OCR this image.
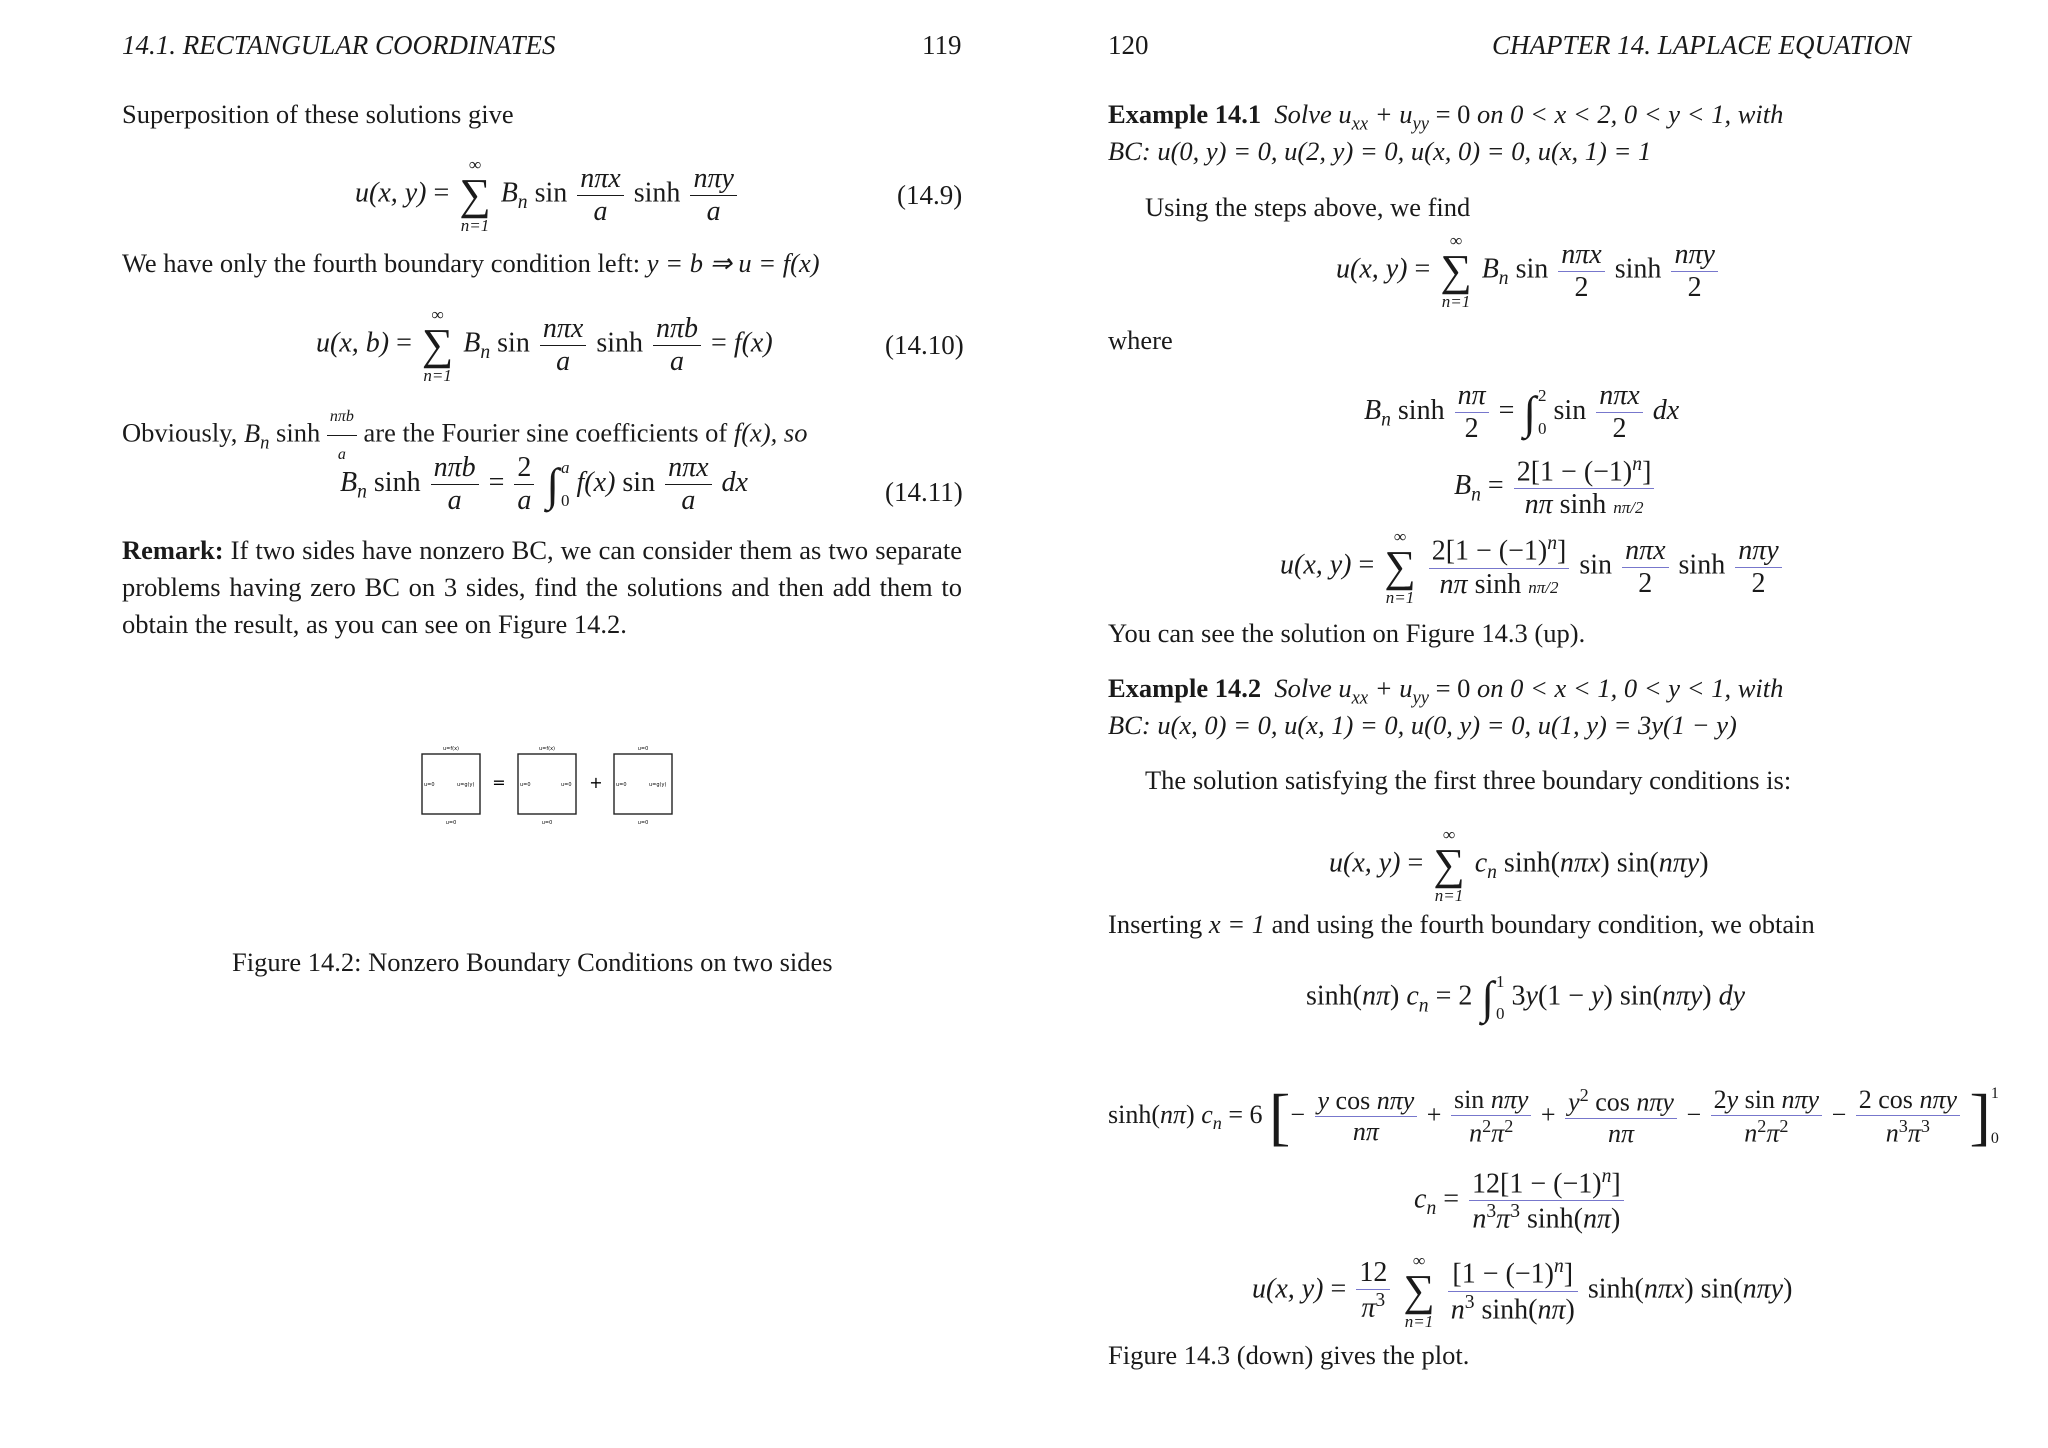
14.1. RECTANGULAR COORDINATES	119
Superposition of these solutions give
u(x, y) =
∞
∑
n=1
$B_n$ $\sin \frac{\text{nπx}}{a}$ $\sinh \frac{\text{nπy}}{a}$	(14.9)
We have only the fourth boundary condition left: y = b ⇒ u = f(x)
u(x, b) =
∞
∑
n=1
$B_n$ $\sin \frac{\text{nπx}}{a}$ $\sinh \frac{\text{nπb}}{a} = f(x)$	(14.10)
Obviously, $B_n$ $\sinh \frac{\text{nπb}}{a}$ are the Fourier sine coefficients of f(x), so
$B_n$ $\sinh \frac{\text{nπb}}{a} = \frac{2}{a}$
∫ a
0
f(x) $\sin \frac{\text{nπx}}{a}$ dx	(14.11)
Remark: If two sides have nonzero BC, we can consider them as two separate problems having zero BC on 3 sides, find the solutions and then add them to obtain the result, as you can see on Figure 14.2.
u=f(x)
u=0	u=g(y)
u=0
=
u=f(x)
u=0	u=0
u=0
+
u=0
u=0	u=g(y)
u=0
Figure 14.2: Nonzero Boundary Conditions on two sides
120	CHAPTER 14. LAPLACE EQUATION
Example 14.1 Solve $u_{xx} + u_{yy} = 0$ on 0 < x < 2, 0 < y < 1, with
BC: u(0, y) = 0, u(2, y) = 0, u(x, 0) = 0, u(x, 1) = 1
Using the steps above, we find
u(x, y) =
∞
∑
n=1
$B_n$ $\sin \frac{\text{nπx}}{2}$ $\sinh \frac{\text{nπy}}{2}$
where
$B_n$ $\sinh \frac{n\pi}{2}$ = ∫ 2
0
$\sin \frac{\text{nπx}}{2}$ dx
$B_n = \frac{2[1 - (-1)^n]}{\text{nπ sinh nπ/2}}$
u(x, y) =
∞
∑
n=1
$\frac{2[1 - (-1)^n]}{\text{nπ sinh nπ/2}}$ $\sin \frac{\text{nπx}}{2}$ $\sinh \frac{\text{nπy}}{2}$
You can see the solution on Figure 14.3 (up).
Example 14.2 Solve $u_{xx} + u_{yy} = 0$ on 0 < x < 1, 0 < y < 1, with
BC: u(x, 0) = 0, u(x, 1) = 0, u(0, y) = 0, u(1, y) = 3y(1 − y)
The solution satisfying the first three boundary conditions is:
u(x, y) =
∞
∑
n=1
$c_n$ sinh(nπx) sin(nπy)
Inserting x = 1 and using the fourth boundary condition, we obtain
sinh(nπ) $c_n = 2$ ∫ 1
0
3y(1 − y) sin(nπy) dy
sinh(nπ) $c_n = 6$ [− $\frac{\text{y cos nπy}}{n\pi} + \frac{\text{sin nπy}}{n^2\pi^2} + \frac{y^2 \cos n\pi y}{n\pi} - \frac{\text{2y sin nπy}}{n^2\pi^2} - \frac{\text{2 cos nπy}}{n^3\pi^3}$ ] 1
0
$c_n = \frac{12[1 - (-1)^n]}{n^3\pi^3 \sinh(n\pi)}$
u(x, $y) = \frac{12}{\pi^3}$
∞
∑
n=1
$\frac{[1 - (-1)^n]}{n^3 \sinh(n\pi)} \sinh(n\pi x)$ sin(nπy)
Figure 14.3 (down) gives the plot.
